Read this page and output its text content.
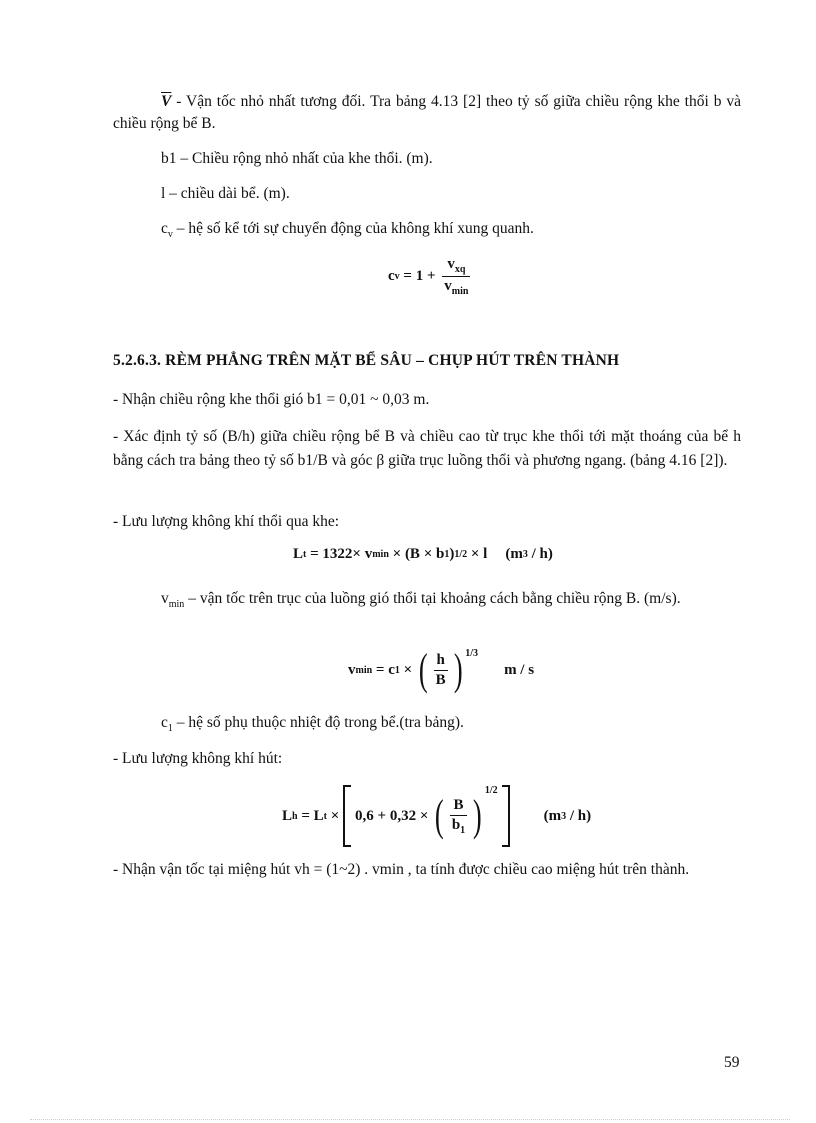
$\overline{V}$ - Vận tốc nhỏ nhất tương đối. Tra bảng 4.13 [2] theo tỷ số giữa chiều rộng khe thổi b và chiều rộng bể B.

b1 – Chiều rộng nhỏ nhất của khe thổi. (m).

l – chiều dài bể. (m).

$c_v$ – hệ số kể tới sự chuyển động của không khí xung quanh.

c $v = 1 + \frac{v_{xq}}{v_{min}}$
5.2.6.3. RÈM PHẲNG TRÊN MẶT BỂ SÂU – CHỤP HÚT TRÊN THÀNH

- Nhận chiều rộng khe thổi gió b1 = 0,01 ~ 0,03 m.

- Xác định tỷ số (B/h) giữa chiều rộng bể B và chiều cao từ trục khe thổi tới mặt thoáng của bể h bằng cách tra bảng theo tỷ số b1/B và góc β giữa trục luồng thổi và phương ngang. (bảng 4.16 [2]).

- Lưu lượng không khí thổi qua khe:

L t = 1322× v min × (B × b 1 ) 1/2 × l (m 3 / h)

$v_{min}$ – vận tốc trên trục của luồng gió thổi tại khoảng cách bằng chiều rộng B. (m/s).

v min = c 1 × ( $\frac{h}{B}$ ) 1/3
m / s

$c_1$ – hệ số phụ thuộc nhiệt độ trong bể.(tra bảng).

- Lưu lượng không khí hút:

L h = L t × 0,6 + 0,32 × ( $\frac{B}{b_1}$ )
1/2
(m 3 / h)

- Nhận vận tốc tại miệng hút vh = (1~2) . vmin , ta tính được chiều cao miệng hút trên thành.

59
